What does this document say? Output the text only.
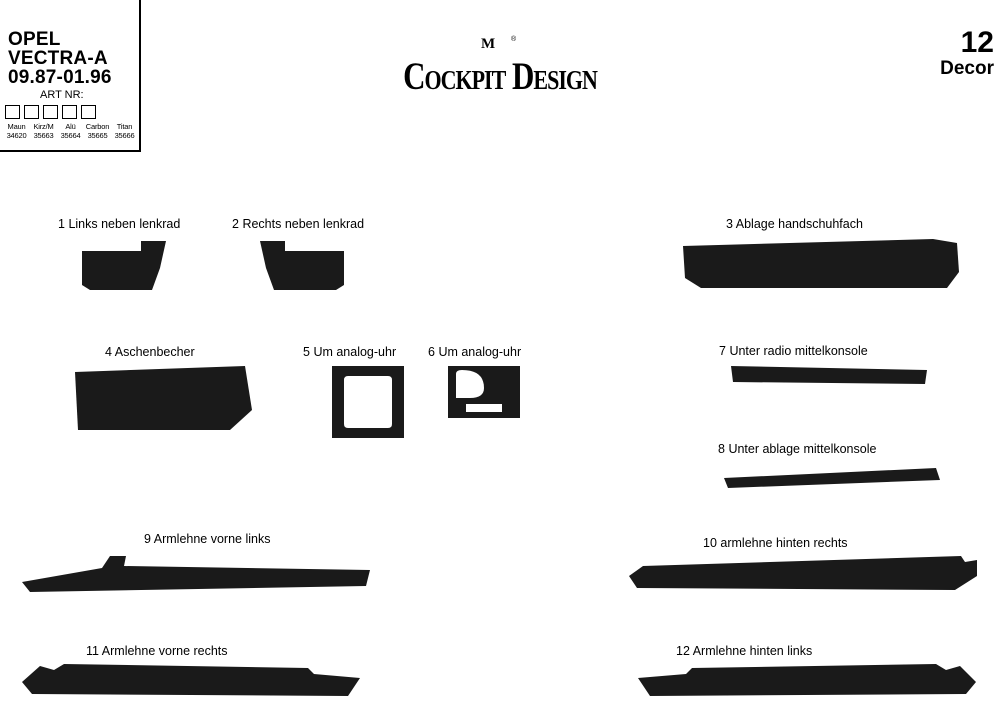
OPEL
VECTRA-A
09.87-01.96
ART NR:
Maun	Kirz/M	Alü	Carbon	Titan
34620 35663 35664 35665 35666
M	®
Cockpit Design
12
Decor
1 Links neben lenkrad	2 Rechts neben lenkrad	3 Ablage handschuhfach
4 Aschenbecher	5 Um analog-uhr	6 Um analog-uhr	7 Unter radio mittelkonsole
8 Unter ablage mittelkonsole
9 Armlehne vorne links	10 armlehne hinten rechts
11 Armlehne vorne rechts	12 Armlehne hinten links
